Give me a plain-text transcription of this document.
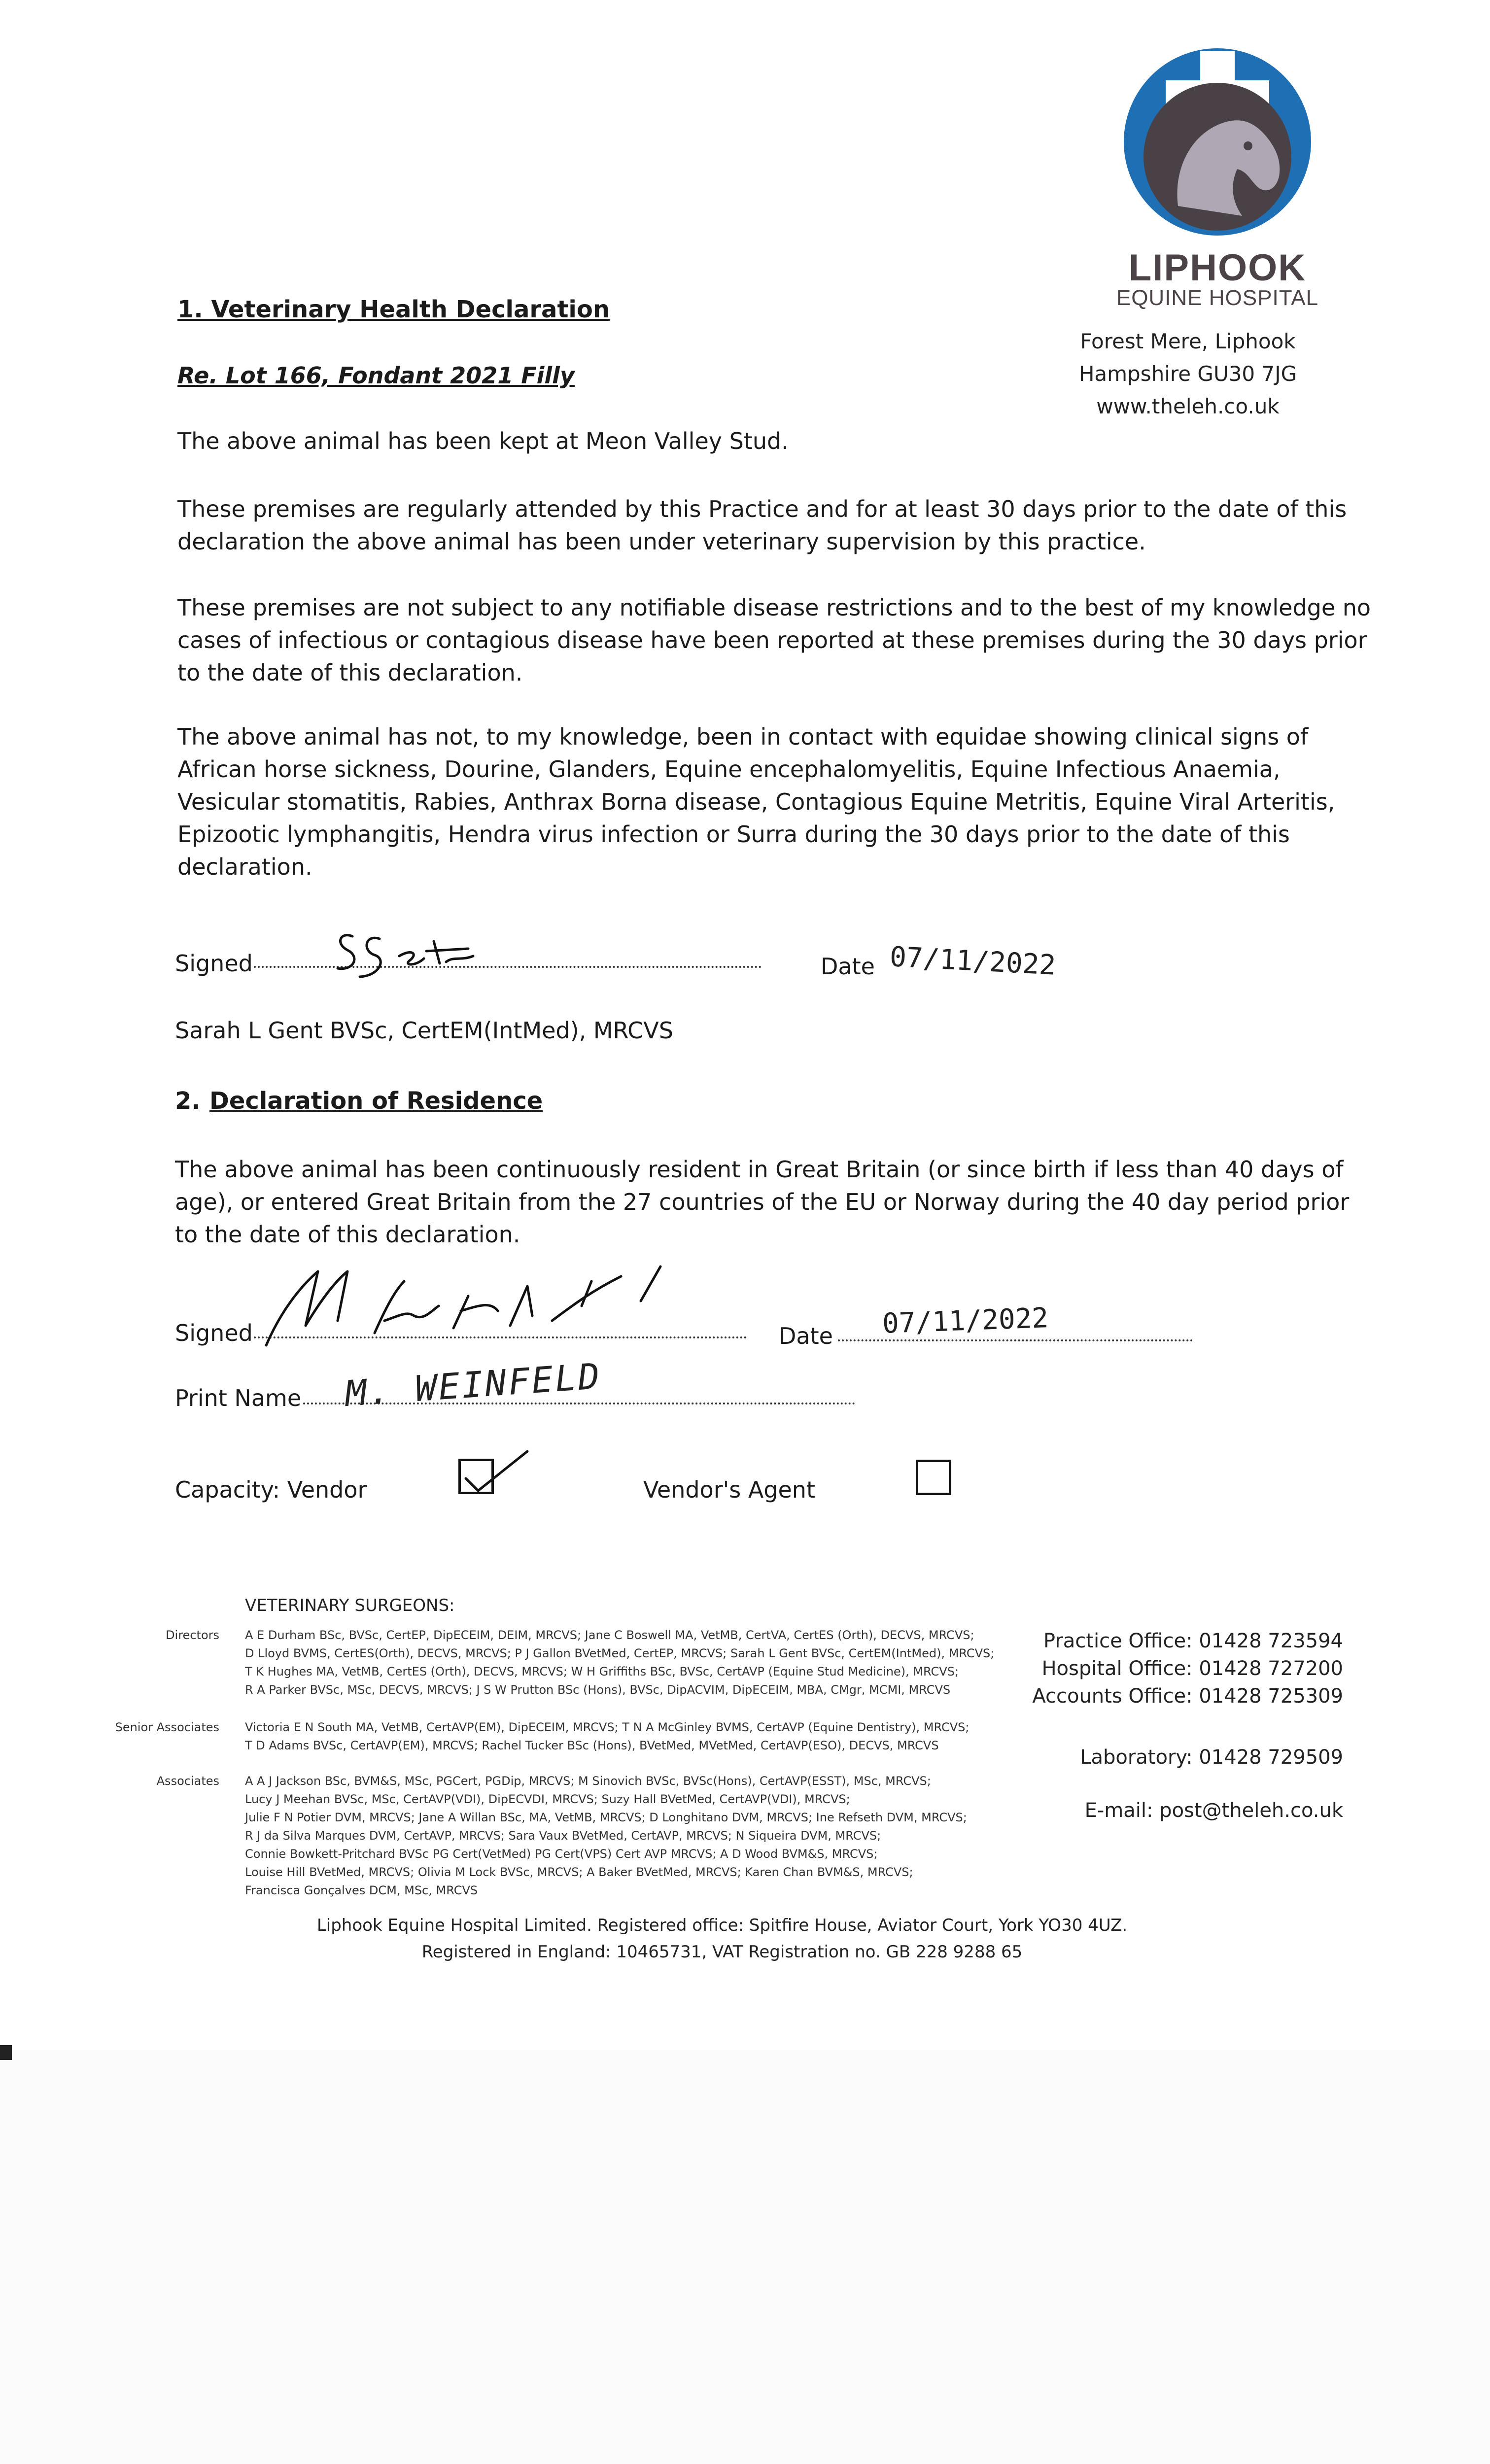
LIPHOOK
EQUINE HOSPITAL
Forest Mere, Liphook
Hampshire GU30 7JG
www.theleh.co.uk
1. Veterinary Health Declaration
Re. Lot 166, Fondant 2021 Filly
The above animal has been kept at Meon Valley Stud.
These premises are regularly attended by this Practice and for at least 30 days prior to the date of this
declaration the above animal has been under veterinary supervision by this practice.
These premises are not subject to any notifiable disease restrictions and to the best of my knowledge no
cases of infectious or contagious disease have been reported at these premises during the 30 days prior
to the date of this declaration.
The above animal has not, to my knowledge, been in contact with equidae showing clinical signs of
African horse sickness, Dourine, Glanders, Equine encephalomyelitis, Equine Infectious Anaemia,
Vesicular stomatitis, Rabies, Anthrax Borna disease, Contagious Equine Metritis, Equine Viral Arteritis,
Epizootic lymphangitis, Hendra virus infection or Surra during the 30 days prior to the date of this
declaration.
Signed	Date 07/11/2022
Sarah L Gent BVSc, CertEM(IntMed), MRCVS
2. Declaration of Residence
The above animal has been continuously resident in Great Britain (or since birth if less than 40 days of
age), or entered Great Britain from the 27 countries of the EU or Norway during the 40 day period prior
to the date of this declaration.
Signed	Date 07/11/2022
Print Name M. WEINFELD
Capacity: Vendor	Vendor's Agent
VETERINARY SURGEONS:
Directors A E Durham BSc, BVSc, CertEP, DipECEIM, DEIM, MRCVS; Jane C Boswell MA, VetMB, CertVA, CertES (Orth), DECVS, MRCVS;
D Lloyd BVMS, CertES(Orth), DECVS, MRCVS; P J Gallon BVetMed, CertEP, MRCVS; Sarah L Gent BVSc, CertEM(IntMed), MRCVS;
T K Hughes MA, VetMB, CertES (Orth), DECVS, MRCVS; W H Griffiths BSc, BVSc, CertAVP (Equine Stud Medicine), MRCVS;
R A Parker BVSc, MSc, DECVS, MRCVS; J S W Prutton BSc (Hons), BVSc, DipACVIM, DipECEIM, MBA, CMgr, MCMI, MRCVS
Senior Associates Victoria E N South MA, VetMB, CertAVP(EM), DipECEIM, MRCVS; T N A McGinley BVMS, CertAVP (Equine Dentistry), MRCVS;
T D Adams BVSc, CertAVP(EM), MRCVS; Rachel Tucker BSc (Hons), BVetMed, MVetMed, CertAVP(ESO), DECVS, MRCVS
Associates A A J Jackson BSc, BVM&S, MSc, PGCert, PGDip, MRCVS; M Sinovich BVSc, BVSc(Hons), CertAVP(ESST), MSc, MRCVS;
Lucy J Meehan BVSc, MSc, CertAVP(VDI), DipECVDI, MRCVS; Suzy Hall BVetMed, CertAVP(VDI), MRCVS;
Julie F N Potier DVM, MRCVS; Jane A Willan BSc, MA, VetMB, MRCVS; D Longhitano DVM, MRCVS; Ine Refseth DVM, MRCVS;
R J da Silva Marques DVM, CertAVP, MRCVS; Sara Vaux BVetMed, CertAVP, MRCVS; N Siqueira DVM, MRCVS;
Connie Bowkett-Pritchard BVSc PG Cert(VetMed) PG Cert(VPS) Cert AVP MRCVS; A D Wood BVM&S, MRCVS;
Louise Hill BVetMed, MRCVS; Olivia M Lock BVSc, MRCVS; A Baker BVetMed, MRCVS; Karen Chan BVM&S, MRCVS;
Francisca Gonçalves DCM, MSc, MRCVS
Practice Office: 01428 723594
Hospital Office: 01428 727200
Accounts Office: 01428 725309
Laboratory: 01428 729509
E-mail: post@theleh.co.uk
Liphook Equine Hospital Limited. Registered office: Spitfire House, Aviator Court, York YO30 4UZ.
Registered in England: 10465731, VAT Registration no. GB 228 9288 65
